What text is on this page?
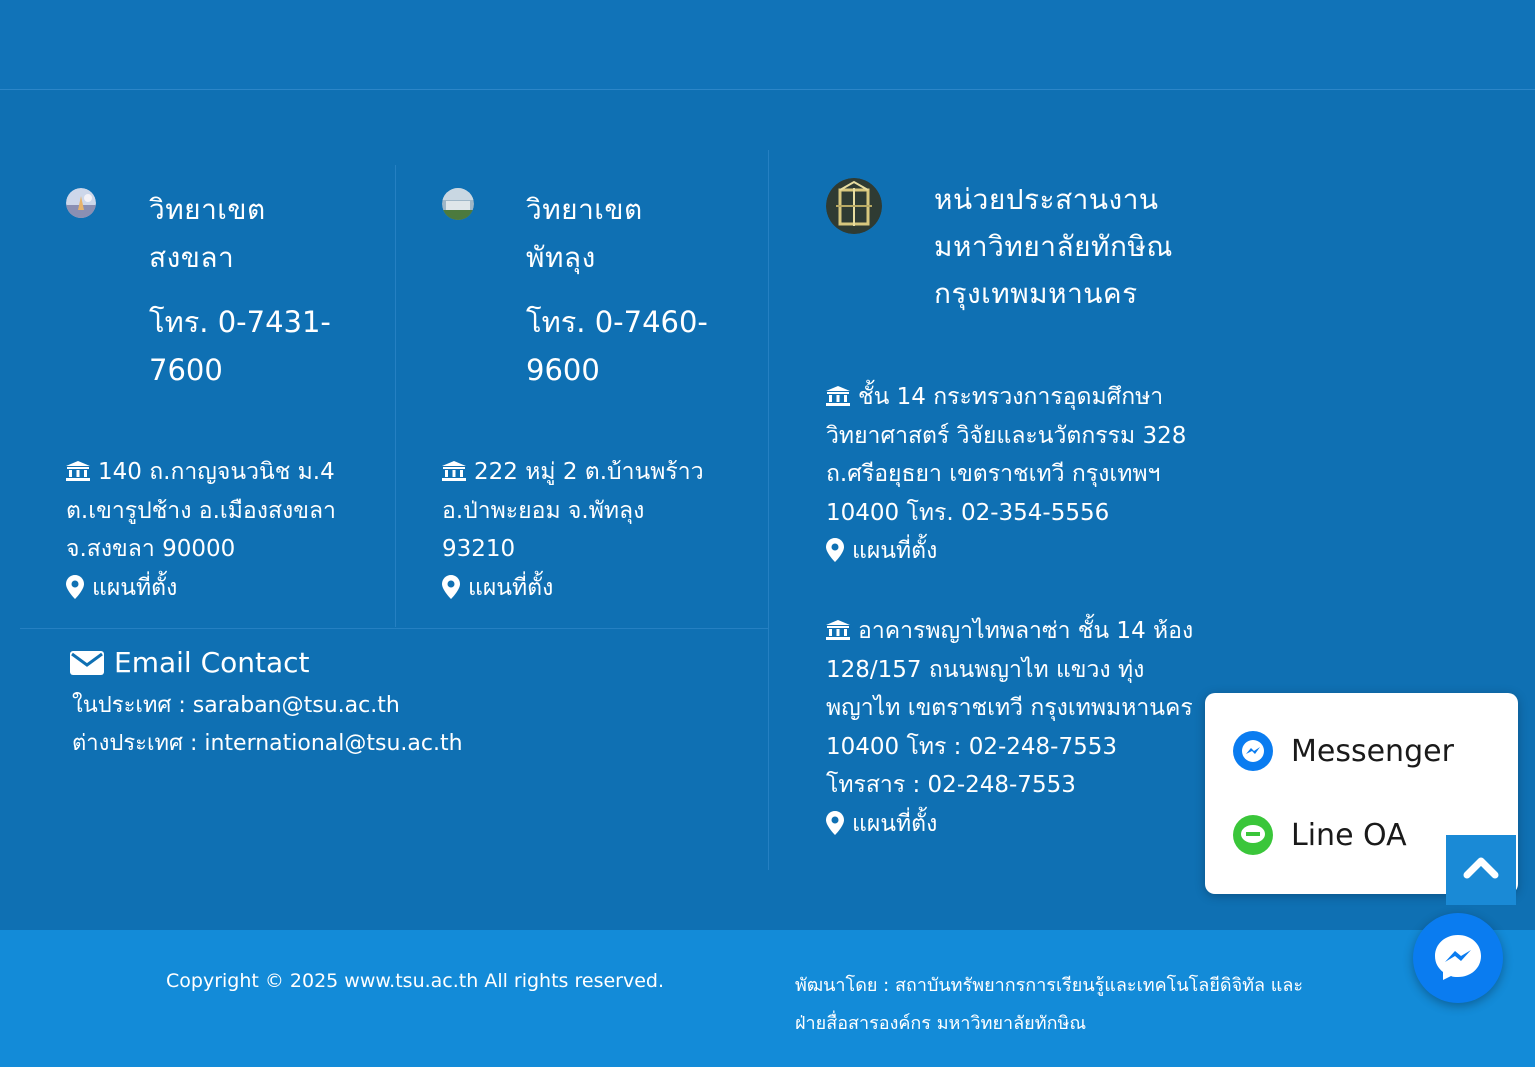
วิทยาเขต
สงขลา
โทร. 0-7431-
7600
140 ถ.กาญจนวนิช ม.4
ต.เขารูปช้าง อ.เมืองสงขลา
จ.สงขลา 90000
แผนที่ตั้ง
วิทยาเขต
พัทลุง
โทร. 0-7460-
9600
222 หมู่ 2 ต.บ้านพร้าว
อ.ป่าพะยอม จ.พัทลุง
93210
แผนที่ตั้ง
หน่วยประสานงาน
มหาวิทยาลัยทักษิณ
กรุงเทพมหานคร
ชั้น 14 กระทรวงการอุดมศึกษา
วิทยาศาสตร์ วิจัยและนวัตกรรม 328
ถ.ศรีอยุธยา เขตราชเทวี กรุงเทพฯ
10400 โทร. 02-354-5556
แผนที่ตั้ง
อาคารพญาไทพลาซ่า ชั้น 14 ห้อง
128/157 ถนนพญาไท แขวง ทุ่ง
พญาไท เขตราชเทวี กรุงเทพมหานคร
10400 โทร : 02-248-7553
โทรสาร : 02-248-7553
แผนที่ตั้ง
Email Contact
ในประเทศ : saraban@tsu.ac.th
ต่างประเทศ : international@tsu.ac.th
Copyright © 2025 www.tsu.ac.th All rights reserved.	พัฒนาโดย : สถาบันทรัพยากรการเรียนรู้และเทคโนโลยีดิจิทัล และ
ฝ่ายสื่อสารองค์กร มหาวิทยาลัยทักษิณ
Messenger
Line OA
